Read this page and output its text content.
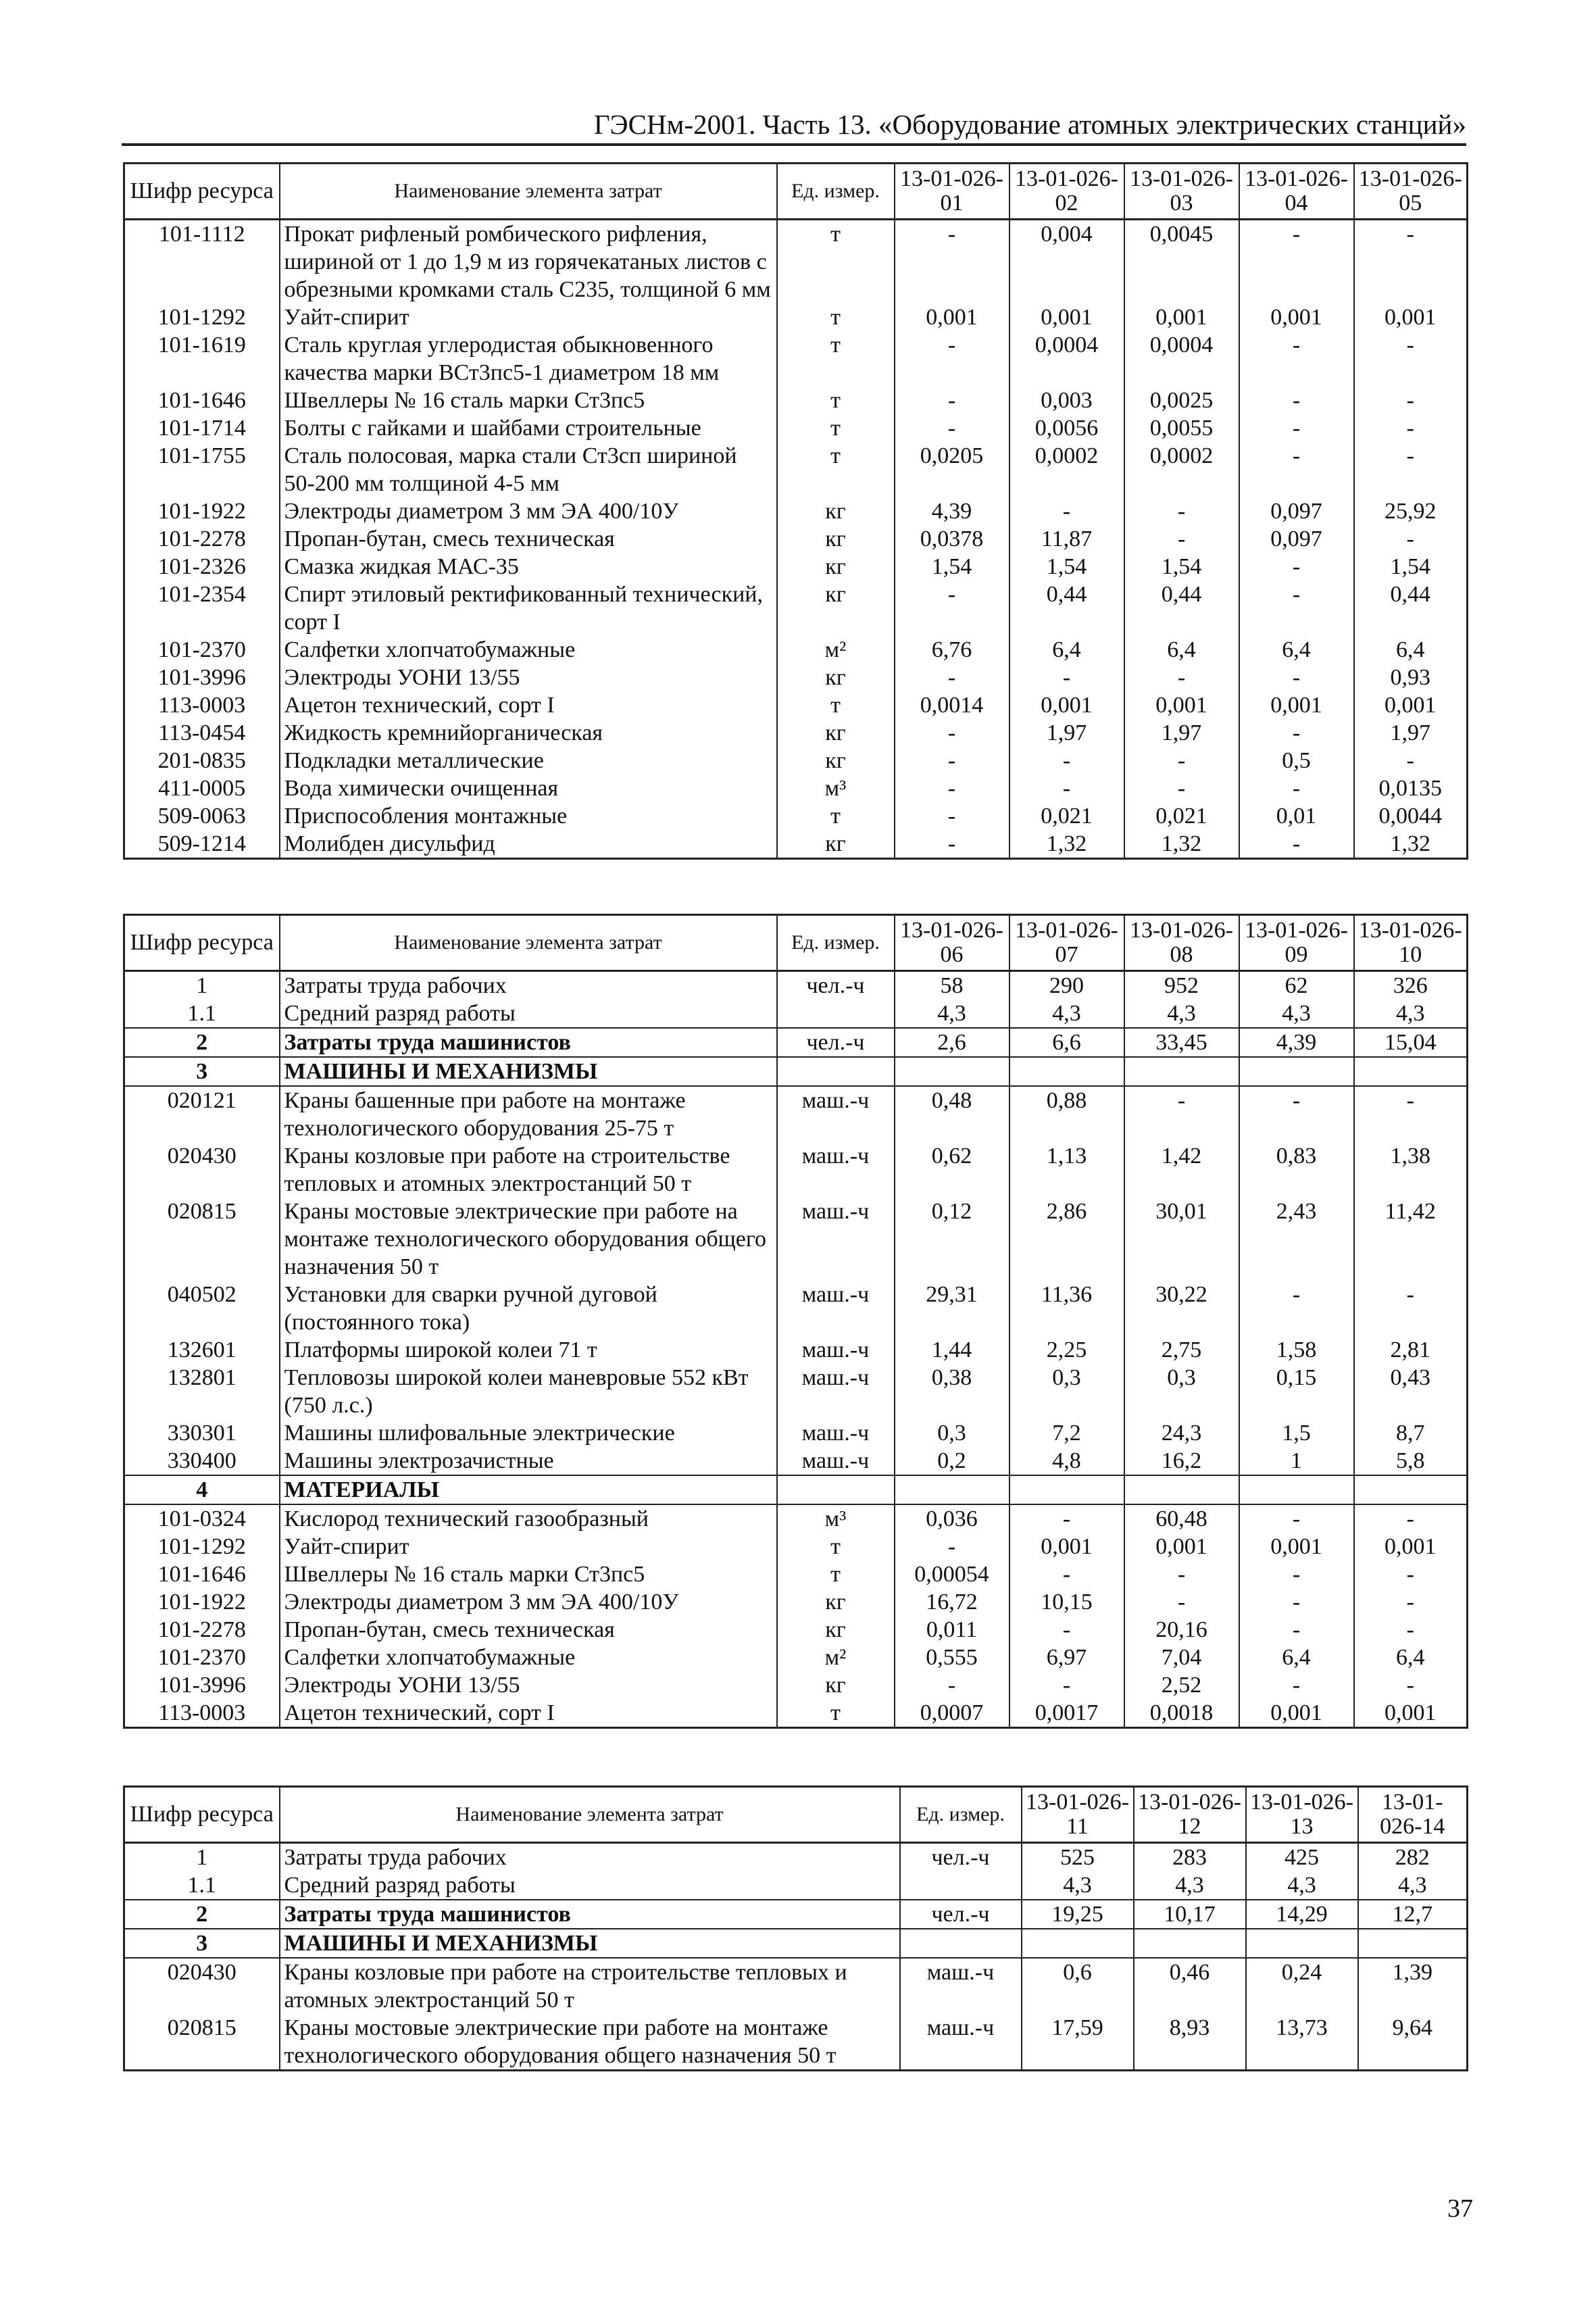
ГЭСНм-2001. Часть 13. «Оборудование атомных электрических станций»
Шифр ресурса	Наименование элемента затрат	Ед. измер.	13-01-026-01	13-01-026-02	13-01-026-03	13-01-026-04	13-01-026-05
101-1112	Прокат рифленый ромбического рифления, шириной от 1 до 1,9 м из горячекатаных листов с обрезными кромками сталь С235, толщиной 6 мм	т	-	0,004	0,0045	-	-
101-1292	Уайт-спирит	т	0,001	0,001	0,001	0,001	0,001
101-1619	Сталь круглая углеродистая обыкновенного качества марки ВСт3пс5-1 диаметром 18 мм	т	-	0,0004	0,0004	-	-
101-1646	Швеллеры № 16 сталь марки Ст3пс5	т	-	0,003	0,0025	-	-
101-1714	Болты с гайками и шайбами строительные	т	-	0,0056	0,0055	-	-
101-1755	Сталь полосовая, марка стали Ст3сп шириной 50-200 мм толщиной 4-5 мм	т	0,0205	0,0002	0,0002	-	-
101-1922	Электроды диаметром 3 мм ЭА 400/10У	кг	4,39	-	-	0,097	25,92
101-2278	Пропан-бутан, смесь техническая	кг	0,0378	11,87	-	0,097	-
101-2326	Смазка жидкая МАС-35	кг	1,54	1,54	1,54	-	1,54
101-2354	Спирт этиловый ректификованный технический, сорт I	кг	-	0,44	0,44	-	0,44
101-2370	Салфетки хлопчатобумажные	м²	6,76	6,4	6,4	6,4	6,4
101-3996	Электроды УОНИ 13/55	кг	-	-	-	-	0,93
113-0003	Ацетон технический, сорт I	т	0,0014	0,001	0,001	0,001	0,001
113-0454	Жидкость кремнийорганическая	кг	-	1,97	1,97	-	1,97
201-0835	Подкладки металлические	кг	-	-	-	0,5	-
411-0005	Вода химически очищенная	м³	-	-	-	-	0,0135
509-0063	Приспособления монтажные	т	-	0,021	0,021	0,01	0,0044
509-1214	Молибден дисульфид	кг	-	1,32	1,32	-	1,32
Шифр ресурса	Наименование элемента затрат	Ед. измер.	13-01-026-06	13-01-026-07	13-01-026-08	13-01-026-09	13-01-026-10
1	Затраты труда рабочих	чел.-ч	58	290	952	62	326
1.1	Средний разряд работы		4,3	4,3	4,3	4,3	4,3
2	Затраты труда машинистов	чел.-ч	2,6	6,6	33,45	4,39	15,04
3	МАШИНЫ И МЕХАНИЗМЫ						
020121	Краны башенные при работе на монтаже технологического оборудования 25-75 т	маш.-ч	0,48	0,88	-	-	-
020430	Краны козловые при работе на строительстве тепловых и атомных электростанций 50 т	маш.-ч	0,62	1,13	1,42	0,83	1,38
020815	Краны мостовые электрические при работе на монтаже технологического оборудования общего назначения 50 т	маш.-ч	0,12	2,86	30,01	2,43	11,42
040502	Установки для сварки ручной дуговой (постоянного тока)	маш.-ч	29,31	11,36	30,22	-	-
132601	Платформы широкой колеи 71 т	маш.-ч	1,44	2,25	2,75	1,58	2,81
132801	Тепловозы широкой колеи маневровые 552 кВт (750 л.с.)	маш.-ч	0,38	0,3	0,3	0,15	0,43
330301	Машины шлифовальные электрические	маш.-ч	0,3	7,2	24,3	1,5	8,7
330400	Машины электрозачистные	маш.-ч	0,2	4,8	16,2	1	5,8
4	МАТЕРИАЛЫ						
101-0324	Кислород технический газообразный	м³	0,036	-	60,48	-	-
101-1292	Уайт-спирит	т	-	0,001	0,001	0,001	0,001
101-1646	Швеллеры № 16 сталь марки Ст3пс5	т	0,00054	-	-	-	-
101-1922	Электроды диаметром 3 мм ЭА 400/10У	кг	16,72	10,15	-	-	-
101-2278	Пропан-бутан, смесь техническая	кг	0,011	-	20,16	-	-
101-2370	Салфетки хлопчатобумажные	м²	0,555	6,97	7,04	6,4	6,4
101-3996	Электроды УОНИ 13/55	кг	-	-	2,52	-	-
113-0003	Ацетон технический, сорт I	т	0,0007	0,0017	0,0018	0,001	0,001
Шифр ресурса	Наименование элемента затрат	Ед. измер.	13-01-026-11	13-01-026-12	13-01-026-13	13-01-026-14
1	Затраты труда рабочих	чел.-ч	525	283	425	282
1.1	Средний разряд работы		4,3	4,3	4,3	4,3
2	Затраты труда машинистов	чел.-ч	19,25	10,17	14,29	12,7
3	МАШИНЫ И МЕХАНИЗМЫ					
020430	Краны козловые при работе на строительстве тепловых и атомных электростанций 50 т	маш.-ч	0,6	0,46	0,24	1,39
020815	Краны мостовые электрические при работе на монтаже технологического оборудования общего назначения 50 т	маш.-ч	17,59	8,93	13,73	9,64
37
